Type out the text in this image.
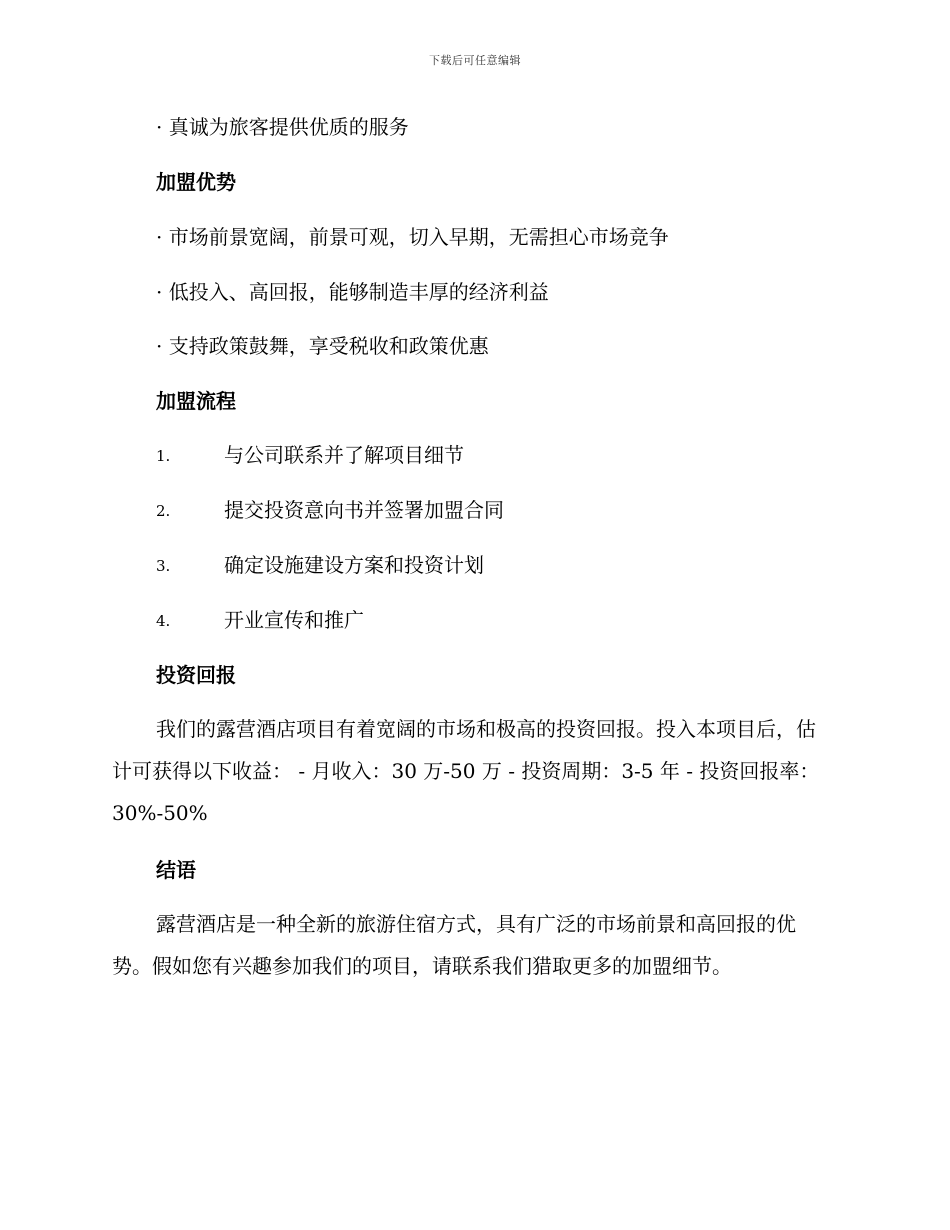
下载后可任意编辑
· 真诚为旅客提供优质的服务
加盟优势
· 市场前景宽阔，前景可观，切入早期，无需担心市场竞争
· 低投入、高回报，能够制造丰厚的经济利益
· 支持政策鼓舞，享受税收和政策优惠
加盟流程
1.	与公司联系并了解项目细节
2.	提交投资意向书并签署加盟合同
3.	确定设施建设方案和投资计划
4.	开业宣传和推广
投资回报
我们的露营酒店项目有着宽阔的市场和极高的投资回报。投入本项目后，估计可获得以下收益： - 月收入：30 万-50 万 - 投资周期：3-5 年 - 投资回报率：30%-50%
结语
露营酒店是一种全新的旅游住宿方式，具有广泛的市场前景和高回报的优势。假如您有兴趣参加我们的项目，请联系我们猎取更多的加盟细节。
